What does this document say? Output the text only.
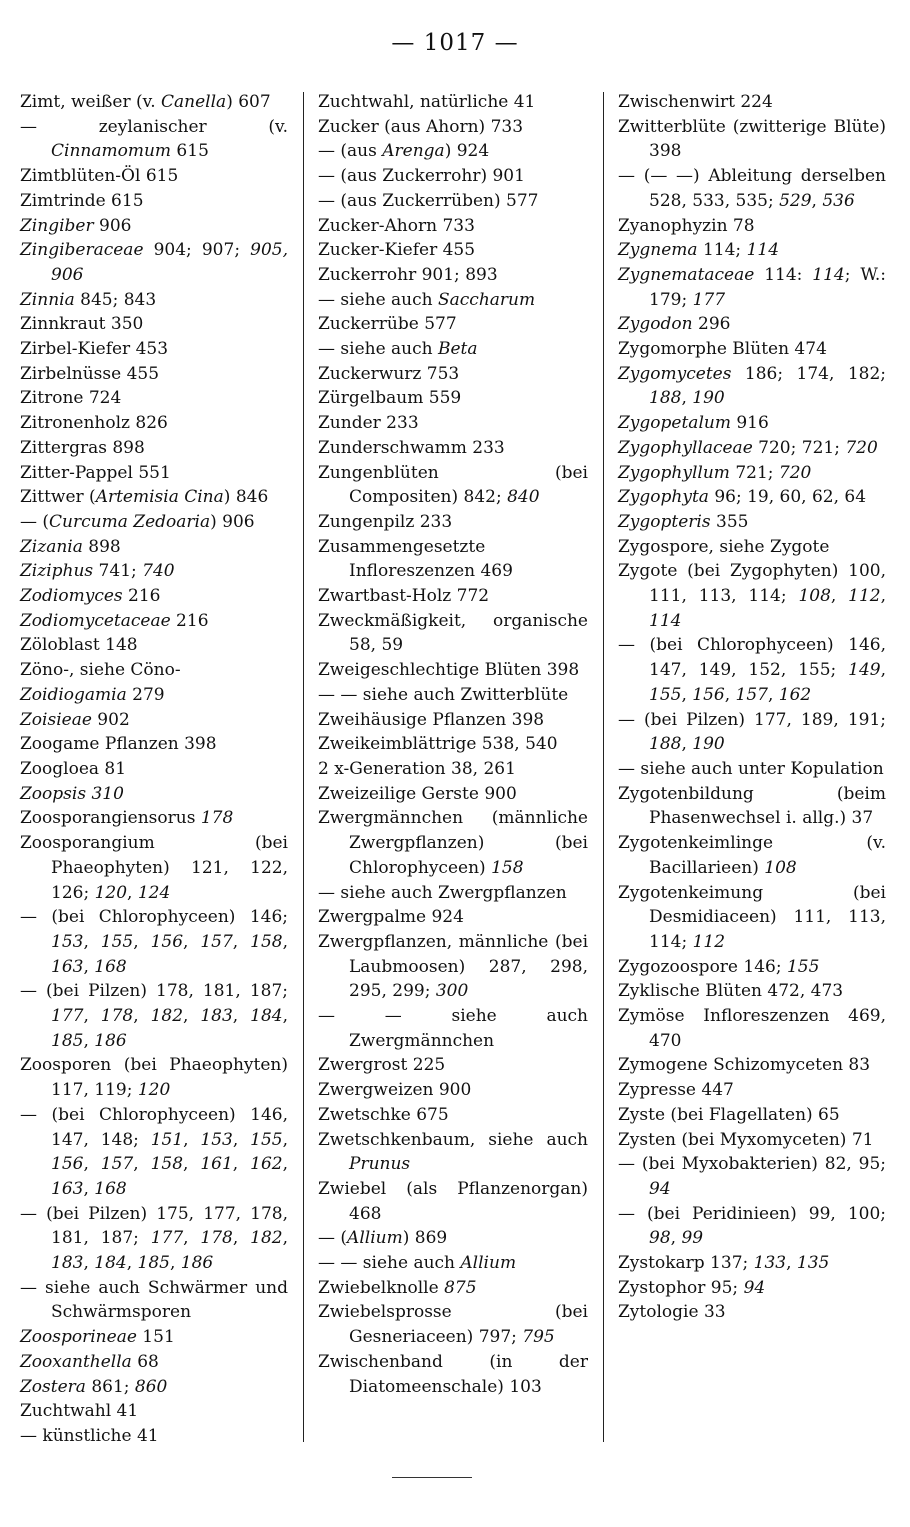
— 1017 —
Zimt, weißer (v. Canella) 607
— zeylanischer (v. Cinnamomum 615
Zimtblüten-Öl 615
Zimtrinde 615
Zingiber 906
Zingiberaceae 904; 907; 905, 906
Zinnia 845; 843
Zinnkraut 350
Zirbel-Kiefer 453
Zirbelnüsse 455
Zitrone 724
Zitronenholz 826
Zittergras 898
Zitter-Pappel 551
Zittwer (Artemisia Cina) 846
— (Curcuma Zedoaria) 906
Zizania 898
Ziziphus 741; 740
Zodiomyces 216
Zodiomycetaceae 216
Zöloblast 148
Zöno-, siehe Cöno-
Zoidiogamia 279
Zoisieae 902
Zoogame Pflanzen 398
Zoogloea 81
Zoopsis 310
Zoosporangiensorus 178
Zoosporangium (bei Phaeophyten) 121, 122, 126; 120, 124
— (bei Chlorophyceen) 146; 153, 155, 156, 157, 158, 163, 168
— (bei Pilzen) 178, 181, 187; 177, 178, 182, 183, 184, 185, 186
Zoosporen (bei Phaeophyten) 117, 119; 120
— (bei Chlorophyceen) 146, 147, 148; 151, 153, 155, 156, 157, 158, 161, 162, 163, 168
— (bei Pilzen) 175, 177, 178, 181, 187; 177, 178, 182, 183, 184, 185, 186
— siehe auch Schwärmer und Schwärmsporen
Zoosporineae 151
Zooxanthella 68
Zostera 861; 860
Zuchtwahl 41
— künstliche 41
Zuchtwahl, natürliche 41
Zucker (aus Ahorn) 733
— (aus Arenga) 924
— (aus Zuckerrohr) 901
— (aus Zuckerrüben) 577
Zucker-Ahorn 733
Zucker-Kiefer 455
Zuckerrohr 901; 893
— siehe auch Saccharum
Zuckerrübe 577
— siehe auch Beta
Zuckerwurz 753
Zürgelbaum 559
Zunder 233
Zunderschwamm 233
Zungenblüten (bei Compositen) 842; 840
Zungenpilz 233
Zusammengesetzte Infloreszenzen 469
Zwartbast-Holz 772
Zweckmäßigkeit, organische 58, 59
Zweigeschlechtige Blüten 398
— — siehe auch Zwitterblüte
Zweihäusige Pflanzen 398
Zweikeimblättrige 538, 540
2 x-Generation 38, 261
Zweizeilige Gerste 900
Zwergmännchen (männliche Zwergpflanzen) (bei Chlorophyceen) 158
— siehe auch Zwergpflanzen
Zwergpalme 924
Zwergpflanzen, männliche (bei Laubmoosen) 287, 298, 295, 299; 300
— — siehe auch Zwergmännchen
Zwergrost 225
Zwergweizen 900
Zwetschke 675
Zwetschkenbaum, siehe auch Prunus
Zwiebel (als Pflanzenorgan) 468
— (Allium) 869
— — siehe auch Allium
Zwiebelknolle 875
Zwiebelsprosse (bei Gesneriaceen) 797; 795
Zwischenband (in der Diatomeenschale) 103
Zwischenwirt 224
Zwitterblüte (zwitterige Blüte) 398
— (— —) Ableitung derselben 528, 533, 535; 529, 536
Zyanophyzin 78
Zygnema 114; 114
Zygnemataceae 114: 114; W.: 179; 177
Zygodon 296
Zygomorphe Blüten 474
Zygomycetes 186; 174, 182; 188, 190
Zygopetalum 916
Zygophyllaceae 720; 721; 720
Zygophyllum 721; 720
Zygophyta 96; 19, 60, 62, 64
Zygopteris 355
Zygospore, siehe Zygote
Zygote (bei Zygophyten) 100, 111, 113, 114; 108, 112, 114
— (bei Chlorophyceen) 146, 147, 149, 152, 155; 149, 155, 156, 157, 162
— (bei Pilzen) 177, 189, 191; 188, 190
— siehe auch unter Kopulation
Zygotenbildung (beim Phasenwechsel i. allg.) 37
Zygotenkeimlinge (v. Bacillarieen) 108
Zygotenkeimung (bei Desmidiaceen) 111, 113, 114; 112
Zygozoospore 146; 155
Zyklische Blüten 472, 473
Zymöse Infloreszenzen 469, 470
Zymogene Schizomyceten 83
Zypresse 447
Zyste (bei Flagellaten) 65
Zysten (bei Myxomyceten) 71
— (bei Myxobakterien) 82, 95; 94
— (bei Peridinieen) 99, 100; 98, 99
Zystokarp 137; 133, 135
Zystophor 95; 94
Zytologie 33
